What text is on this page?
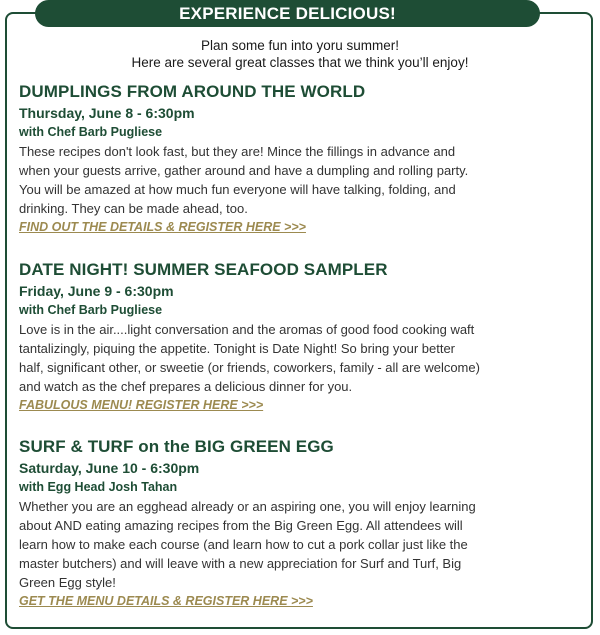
EXPERIENCE DELICIOUS!
Plan some fun into yoru summer!
Here are several great classes that we think you’ll enjoy!
DUMPLINGS FROM AROUND THE WORLD
Thursday, June 8 - 6:30pm
with Chef Barb Pugliese
These recipes don't look fast, but they are! Mince the fillings in advance and
when your guests arrive, gather around and have a dumpling and rolling party.
You will be amazed at how much fun everyone will have talking, folding, and
drinking. They can be made ahead, too.
FIND OUT THE DETAILS & REGISTER HERE >>>
DATE NIGHT! SUMMER SEAFOOD SAMPLER
Friday, June 9 - 6:30pm
with Chef Barb Pugliese
Love is in the air....light conversation and the aromas of good food cooking waft
tantalizingly, piquing the appetite. Tonight is Date Night! So bring your better
half, significant other, or sweetie (or friends, coworkers, family - all are welcome)
and watch as the chef prepares a delicious dinner for you.
FABULOUS MENU! REGISTER HERE >>>
SURF & TURF on the BIG GREEN EGG
Saturday, June 10 - 6:30pm
with Egg Head Josh Tahan
Whether you are an egghead already or an aspiring one, you will enjoy learning
about AND eating amazing recipes from the Big Green Egg. All attendees will
learn how to make each course (and learn how to cut a pork collar just like the
master butchers) and will leave with a new appreciation for Surf and Turf, Big
Green Egg style!
GET THE MENU DETAILS & REGISTER HERE >>>
